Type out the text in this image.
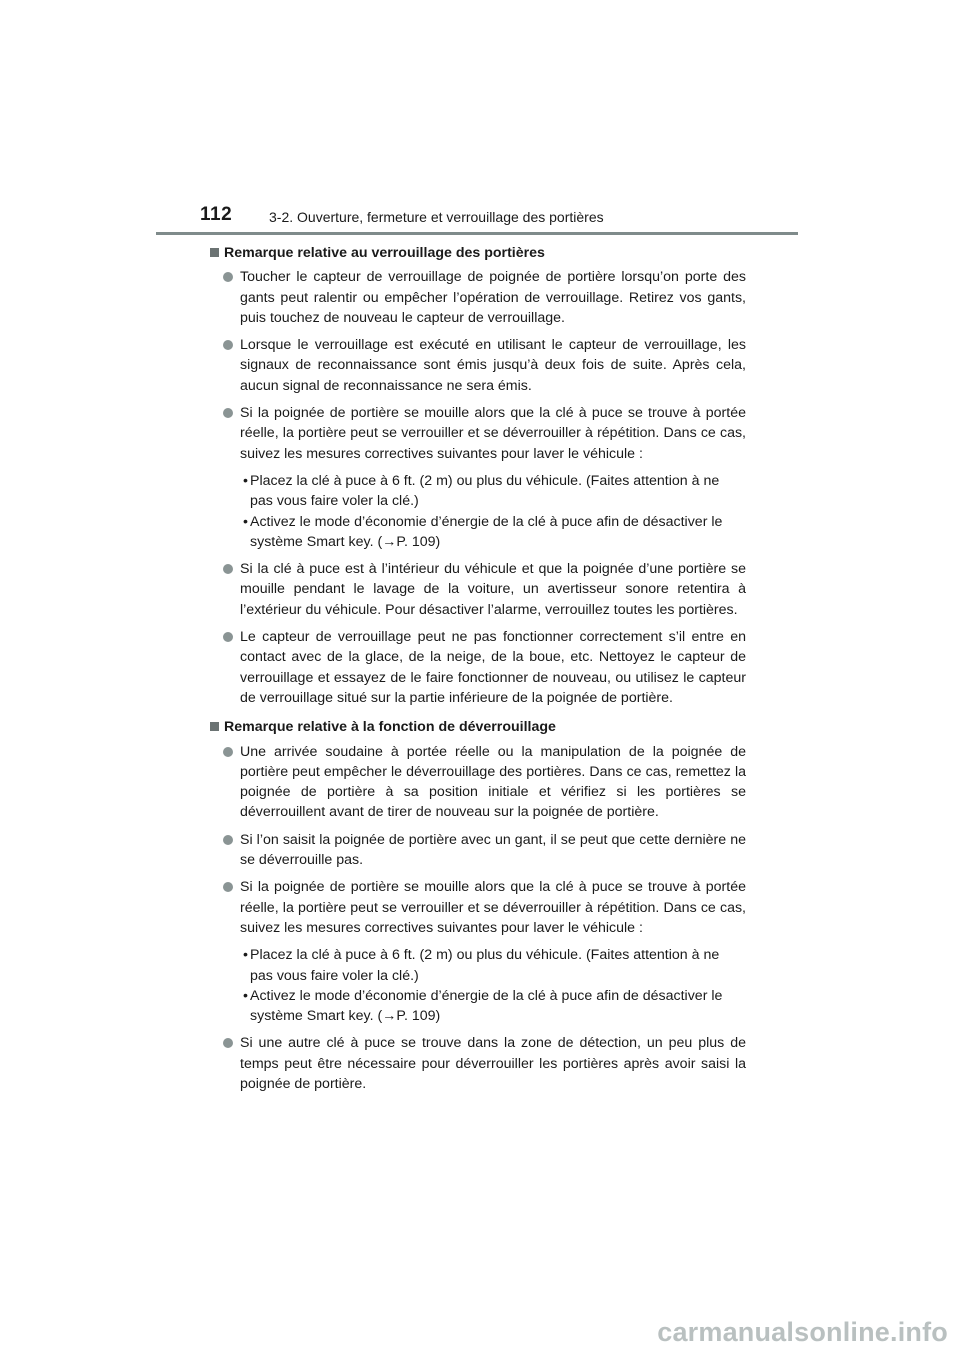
112	3-2. Ouverture, fermeture et verrouillage des portières
Remarque relative au verrouillage des portières

Toucher le capteur de verrouillage de poignée de portière lorsqu’on porte des gants peut ralentir ou empêcher l’opération de verrouillage. Retirez vos gants, puis touchez de nouveau le capteur de verrouillage.

Lorsque le verrouillage est exécuté en utilisant le capteur de verrouillage, les signaux de reconnaissance sont émis jusqu’à deux fois de suite. Après cela, aucun signal de reconnaissance ne sera émis.

Si la poignée de portière se mouille alors que la clé à puce se trouve à portée réelle, la portière peut se verrouiller et se déverrouiller à répétition. Dans ce cas, suivez les mesures correctives suivantes pour laver le véhicule :

• Placez la clé à puce à 6 ft. (2 m) ou plus du véhicule. (Faites attention à ne pas vous faire voler la clé.)

• Activez le mode d’économie d’énergie de la clé à puce afin de désactiver le système Smart key. (→P. 109)

Si la clé à puce est à l’intérieur du véhicule et que la poignée d’une portière se mouille pendant le lavage de la voiture, un avertisseur sonore retentira à l’extérieur du véhicule. Pour désactiver l’alarme, verrouillez toutes les portières.

Le capteur de verrouillage peut ne pas fonctionner correctement s’il entre en contact avec de la glace, de la neige, de la boue, etc. Nettoyez le capteur de verrouillage et essayez de le faire fonctionner de nouveau, ou utilisez le capteur de verrouillage situé sur la partie inférieure de la poignée de portière.

Remarque relative à la fonction de déverrouillage

Une arrivée soudaine à portée réelle ou la manipulation de la poignée de portière peut empêcher le déverrouillage des portières. Dans ce cas, remettez la poignée de portière à sa position initiale et vérifiez si les portières se déverrouillent avant de tirer de nouveau sur la poignée de portière.

Si l’on saisit la poignée de portière avec un gant, il se peut que cette dernière ne se déverrouille pas.

Si la poignée de portière se mouille alors que la clé à puce se trouve à portée réelle, la portière peut se verrouiller et se déverrouiller à répétition. Dans ce cas, suivez les mesures correctives suivantes pour laver le véhicule :

• Placez la clé à puce à 6 ft. (2 m) ou plus du véhicule. (Faites attention à ne pas vous faire voler la clé.)

• Activez le mode d’économie d’énergie de la clé à puce afin de désactiver le système Smart key. (→P. 109)

Si une autre clé à puce se trouve dans la zone de détection, un peu plus de temps peut être nécessaire pour déverrouiller les portières après avoir saisi la poignée de portière.

carmanualsonline.info
